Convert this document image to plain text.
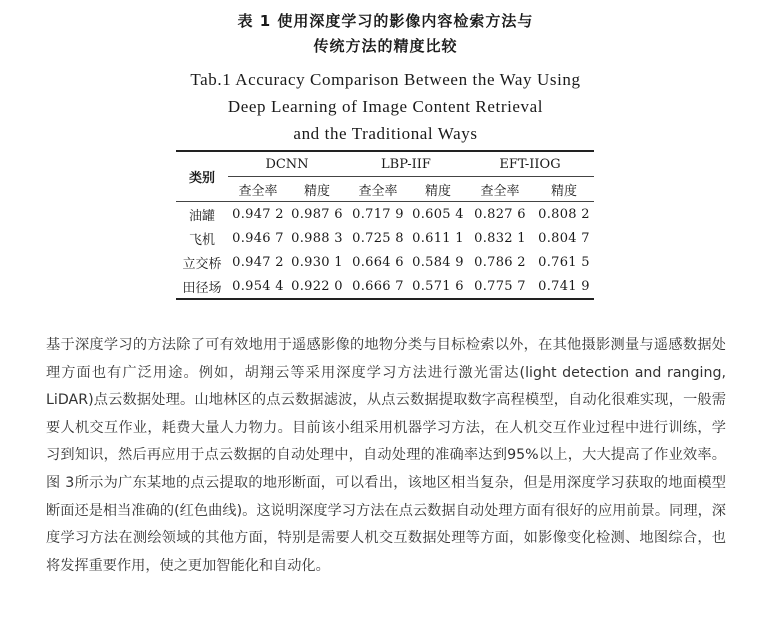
表 1 使用深度学习的影像内容检索方法与
传统方法的精度比较
Tab.1 Accuracy Comparison Between the Way Using
Deep Learning of Image Content Retrieval
and the Traditional Ways
类别	DCNN		LBP-IIF		EFT-IIOG	
	查全率	精度	查全率	精度	查全率	精度
油罐	0.947 2	0.987 6	0.717 9	0.605 4	0.827 6	0.808 2
飞机	0.946 7	0.988 3	0.725 8	0.611 1	0.832 1	0.804 7
立交桥	0.947 2	0.930 1	0.664 6	0.584 9	0.786 2	0.761 5
田径场	0.954 4	0.922 0	0.666 7	0.571 6	0.775 7	0.741 9

基于深度学习的方法除了可有效地用于遥感影像的地物分类与目标检索以外，在其他摄影测量与遥感数据处理方面也有广泛用途。例如，胡翔云等采用深度学习方法进行激光雷达(light detection and ranging, LiDAR)点云数据处理。山地林区的点云数据滤波，从点云数据提取数字高程模型，自动化很难实现，一般需要人机交互作业，耗费大量人力物力。目前该小组采用机器学习方法，在人机交互作业过程中进行训练，学习到知识，然后再应用于点云数据的自动处理中，自动处理的准确率达到95%以上，大大提高了作业效率。图 3所示为广东某地的点云提取的地形断面，可以看出，该地区相当复杂，但是用深度学习获取的地面模型断面还是相当准确的(红色曲线)。这说明深度学习方法在点云数据自动处理方面有很好的应用前景。同理，深度学习方法在测绘领域的其他方面，特别是需要人机交互数据处理等方面，如影像变化检测、地图综合，也将发挥重要作用，使之更加智能化和自动化。
